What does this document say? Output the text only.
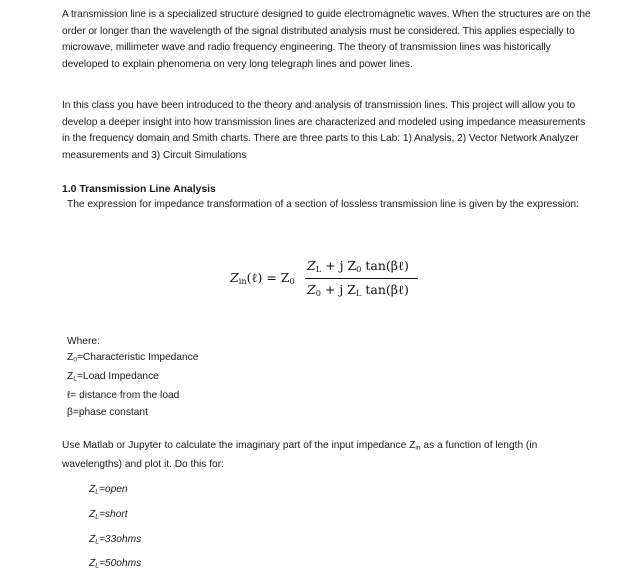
A transmission line is a specialized structure designed to guide electromagnetic waves. When the structures are on the order or longer than the wavelength of the signal distributed analysis must be considered. This applies especially to microwave, millimeter wave and radio frequency engineering. The theory of transmission lines was historically developed to explain phenomena on very long telegraph lines and power lines.

In this class you have been introduced to the theory and analysis of transmission lines. This project will allow you to develop a deeper insight into how transmission lines are characterized and modeled using impedance measurements in the frequency domain and Smith charts. There are three parts to this Lab: 1) Analysis, 2) Vector Network Analyzer measurements and 3) Circuit Simulations

1.0 Transmission Line Analysis

The expression for impedance transformation of a section of lossless transmission line is given by the expression:

$Z_{in}(\ell) = Z_0$
$Z_L + j$ $Z_0$ tan(βℓ)
$Z_0 + j$ $Z_L$ tan(βℓ)
Where:
$Z_0=Characteristic$ Impedance
$Z_L=Load$ Impedance
ℓ= distance from the load
β=phase constant

Use Matlab or Jupyter to calculate the imaginary part of the input impedance $Z_{in}$ as a function of length (in wavelengths) and plot it. Do this for:

$Z_L=open$
$Z_L=short$
$Z_L=33ohms$
$Z_L=50ohms$
